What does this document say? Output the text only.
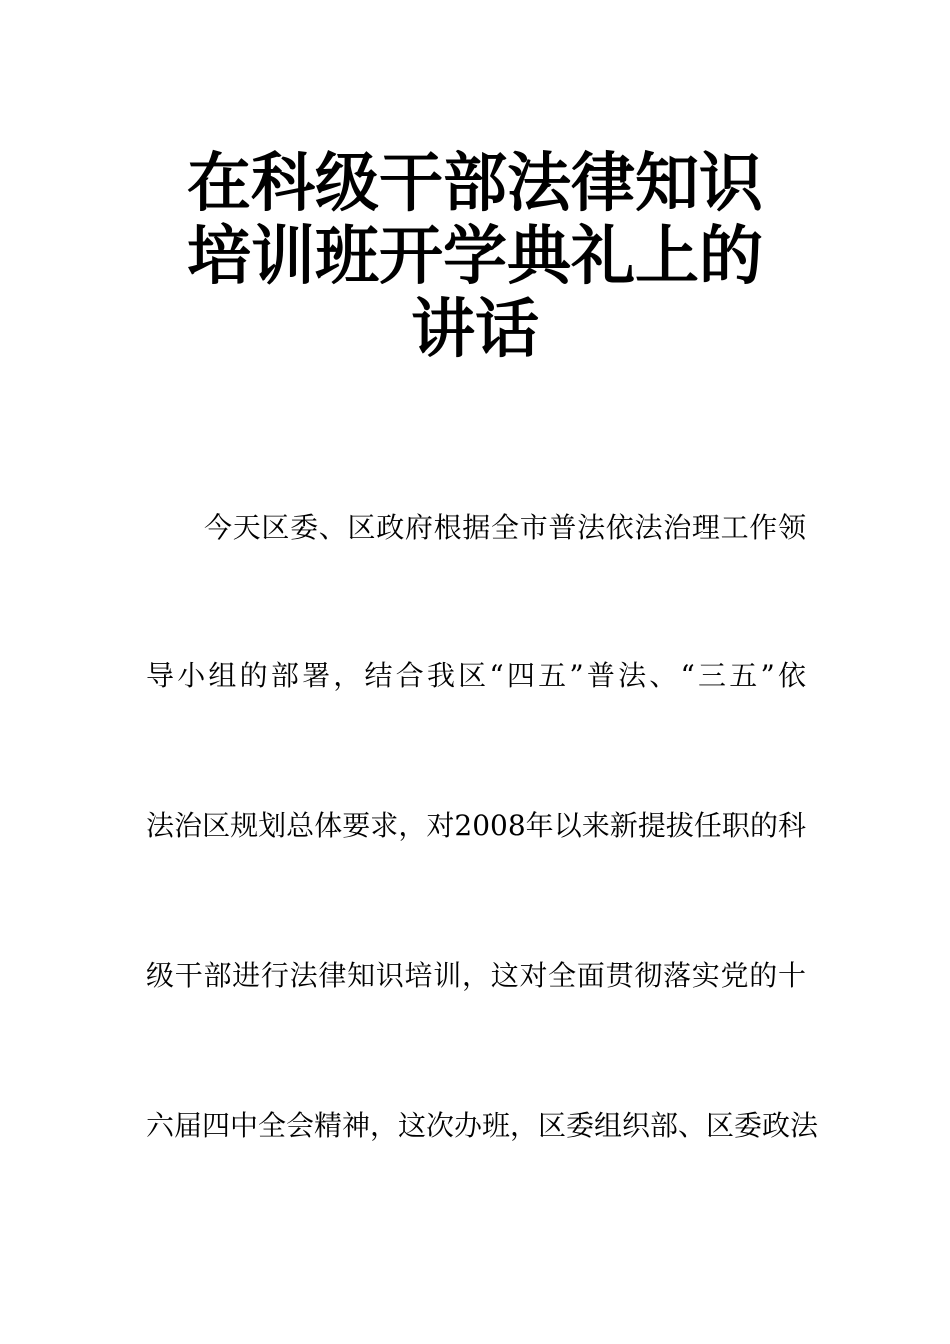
在科级干部法律知识
培训班开学典礼上的
讲话

今天区委、区政府根据全市普法依法治理工作领

导小组的部署，结合我区“四五”普法、“三五”依

法治区规划总体要求，对2008年以来新提拔任职的科

级干部进行法律知识培训，这对全面贯彻落实党的十

六届四中全会精神，这次办班，区委组织部、区委政法
